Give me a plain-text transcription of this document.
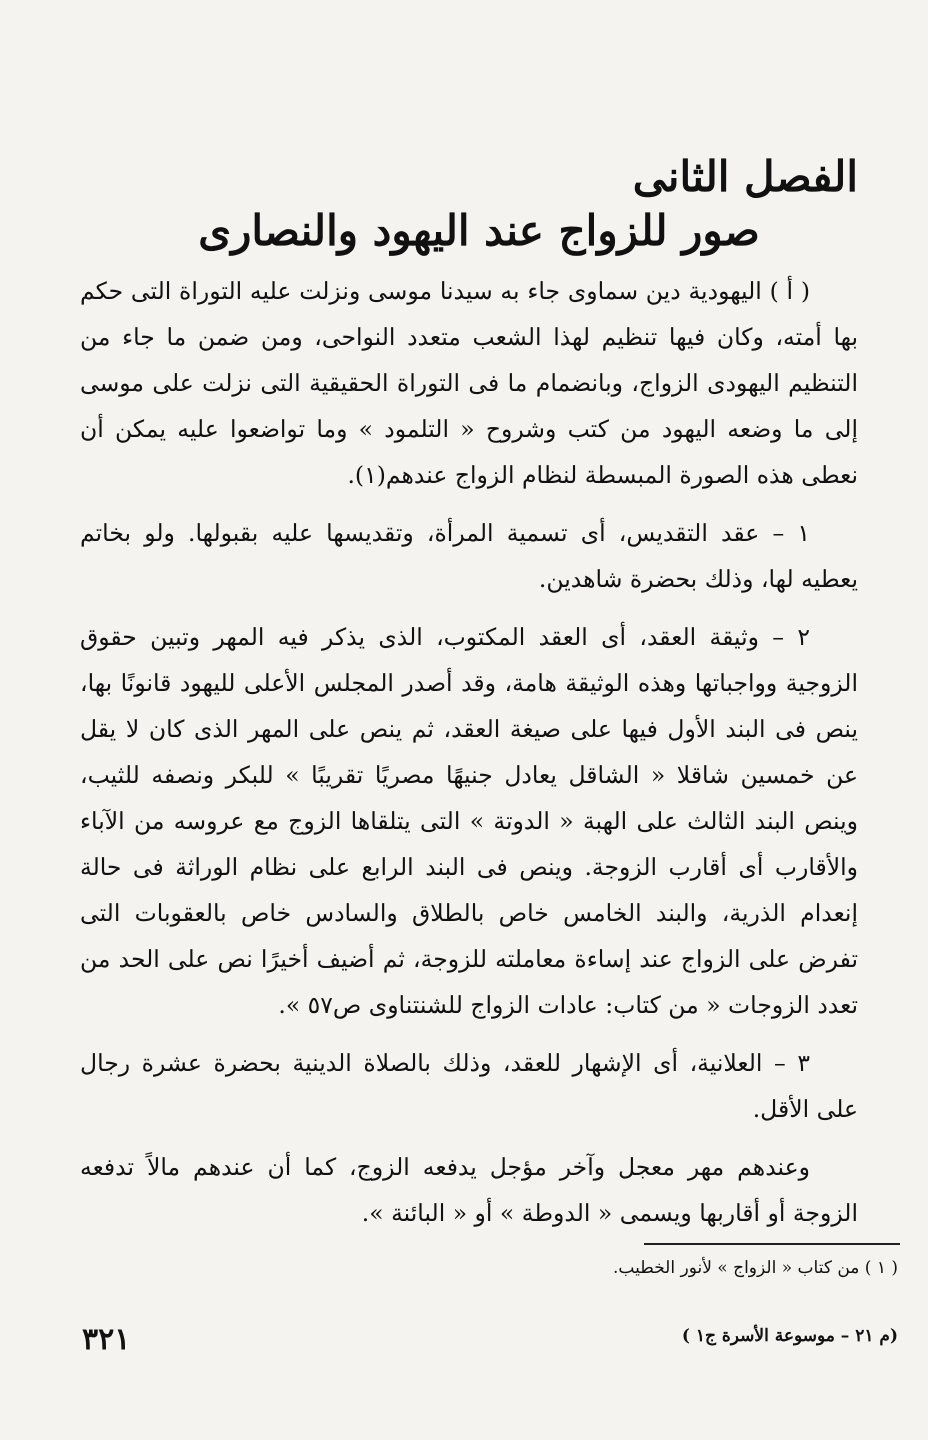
الفصل الثانى
صور للزواج عند اليهود والنصارى

( أ ) اليهودية دين سماوى جاء به سيدنا موسى ونزلت عليه التوراة التى حكم بها أمته، وكان فيها تنظيم لهذا الشعب متعدد النواحى، ومن ضمن ما جاء من التنظيم اليهودى الزواج، وبانضمام ما فى التوراة الحقيقية التى نزلت على موسى إلى ما وضعه اليهود من كتب وشروح « التلمود » وما تواضعوا عليه يمكن أن نعطى هذه الصورة المبسطة لنظام الزواج عندهم(١).

١ – عقد التقديس، أى تسمية المرأة، وتقديسها عليه بقبولها. ولو بخاتم يعطيه لها، وذلك بحضرة شاهدين.

٢ – وثيقة العقد، أى العقد المكتوب، الذى يذكر فيه المهر وتبين حقوق الزوجية وواجباتها وهذه الوثيقة هامة، وقد أصدر المجلس الأعلى لليهود قانونًا بها، ينص فى البند الأول فيها على صيغة العقد، ثم ينص على المهر الذى كان لا يقل عن خمسين شاقلا « الشاقل يعادل جنيهًا مصريًا تقريبًا » للبكر ونصفه للثيب، وينص البند الثالث على الهبة « الدوتة » التى يتلقاها الزوج مع عروسه من الآباء والأقارب أى أقارب الزوجة. وينص فى البند الرابع على نظام الوراثة فى حالة إنعدام الذرية، والبند الخامس خاص بالطلاق والسادس خاص بالعقوبات التى تفرض على الزواج عند إساءة معاملته للزوجة، ثم أضيف أخيرًا نص على الحد من تعدد الزوجات « من كتاب: عادات الزواج للشنتناوى ص٥٧ ».

٣ – العلانية، أى الإشهار للعقد، وذلك بالصلاة الدينية بحضرة عشرة رجال على الأقل.

وعندهم مهر معجل وآخر مؤجل يدفعه الزوج، كما أن عندهم مالاً تدفعه الزوجة أو أقاربها ويسمى « الدوطة » أو « البائنة ».

( ١ ) من كتاب « الزواج » لأنور الخطيب.
٣٢١	(م ٢١ – موسوعة الأسرة ج١ )
